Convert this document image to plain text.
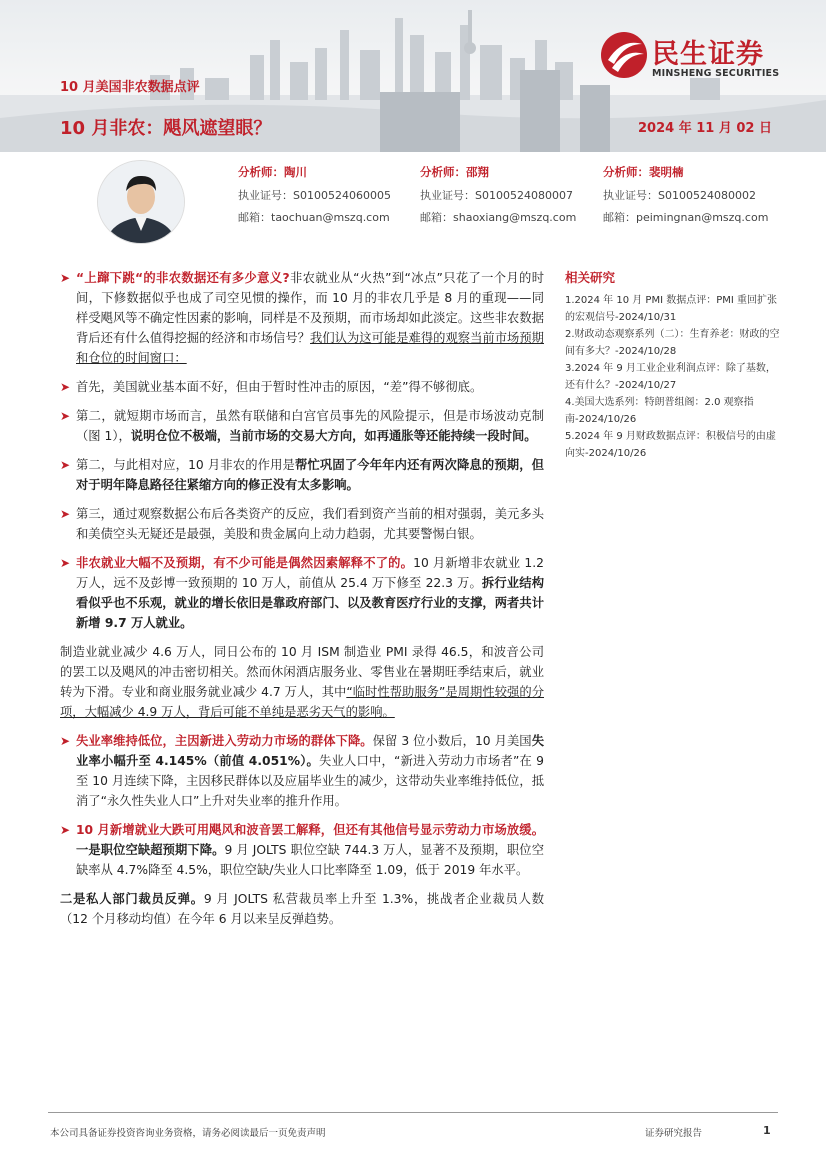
民生证券
MINSHENG SECURITIES
10 月美国非农数据点评
10 月非农：飓风遮望眼？	2024 年 11 月 02 日
分析师：陶川
执业证号：S0100524060005
邮箱：taochuan@mszq.com
分析师：邵翔
执业证号：S0100524080007
邮箱：shaoxiang@mszq.com
分析师：裴明楠
执业证号：S0100524080002
邮箱：peimingnan@mszq.com

➤ “上蹿下跳“的非农数据还有多少意义?非农就业从“火热”到“冰点”只花了一个月的时间，下修数据似乎也成了司空见惯的操作，而 10 月的非农几乎是 8 月的重现——同样受飓风等不确定性因素的影响，同样是不及预期，而市场却如此淡定。这些非农数据背后还有什么值得挖掘的经济和市场信号？我们认为这可能是难得的观察当前市场预期和仓位的时间窗口：

➤ 首先，美国就业基本面不好，但由于暂时性冲击的原因，“差”得不够彻底。

➤ 第二，就短期市场而言，虽然有联储和白宫官员事先的风险提示，但是市场波动克制（图 1），说明仓位不极端，当前市场的交易大方向，如再通胀等还能持续一段时间。

➤ 第二，与此相对应，10 月非农的作用是帮忙巩固了今年年内还有两次降息的预期，但对于明年降息路径往紧缩方向的修正没有太多影响。

➤ 第三，通过观察数据公布后各类资产的反应，我们看到资产当前的相对强弱，美元多头和美债空头无疑还是最强，美股和贵金属向上动力趋弱，尤其要警惕白银。

➤ 非农就业大幅不及预期，有不少可能是偶然因素解释不了的。10 月新增非农就业 1.2 万人，远不及彭博一致预期的 10 万人，前值从 25.4 万下修至 22.3 万。拆行业结构看似乎也不乐观，就业的增长依旧是靠政府部门、以及教育医疗行业的支撑，两者共计新增 9.7 万人就业。

制造业就业减少 4.6 万人，同日公布的 10 月 ISM 制造业 PMI 录得 46.5，和波音公司的罢工以及飓风的冲击密切相关。然而休闲酒店服务业、零售业在暑期旺季结束后，就业转为下滑。专业和商业服务就业减少 4.7 万人，其中“临时性帮助服务”是周期性较强的分项，大幅减少 4.9 万人，背后可能不单纯是恶劣天气的影响。

➤ 失业率维持低位，主因新进入劳动力市场的群体下降。保留 3 位小数后，10 月美国失业率小幅升至 4.145%（前值 4.051%）。失业人口中，“新进入劳动力市场者”在 9 至 10 月连续下降，主因移民群体以及应届毕业生的减少，这带动失业率维持低位，抵消了“永久性失业人口”上升对失业率的推升作用。

➤ 10 月新增就业大跌可用飓风和波音罢工解释，但还有其他信号显示劳动力市场放缓。一是职位空缺超预期下降。9 月 JOLTS 职位空缺 744.3 万人，显著不及预期，职位空缺率从 4.7%降至 4.5%，职位空缺/失业人口比率降至 1.09，低于 2019 年水平。

二是私人部门裁员反弹。9 月 JOLTS 私营裁员率上升至 1.3%，挑战者企业裁员人数（12 个月移动均值）在今年 6 月以来呈反弹趋势。

相关研究
1.2024 年 10 月 PMI 数据点评：PMI 重回扩张的宏观信号-2024/10/31
2.财政动态观察系列（二）：生育养老：财政的空间有多大？-2024/10/28
3.2024 年 9 月工业企业利润点评：除了基数，还有什么？-2024/10/27
4.美国大选系列：特朗普组阁：2.0 观察指南-2024/10/26
5.2024 年 9 月财政数据点评：积极信号的由虚向实-2024/10/26
本公司具备证券投资咨询业务资格，请务必阅读最后一页免责声明	证券研究报告	1
